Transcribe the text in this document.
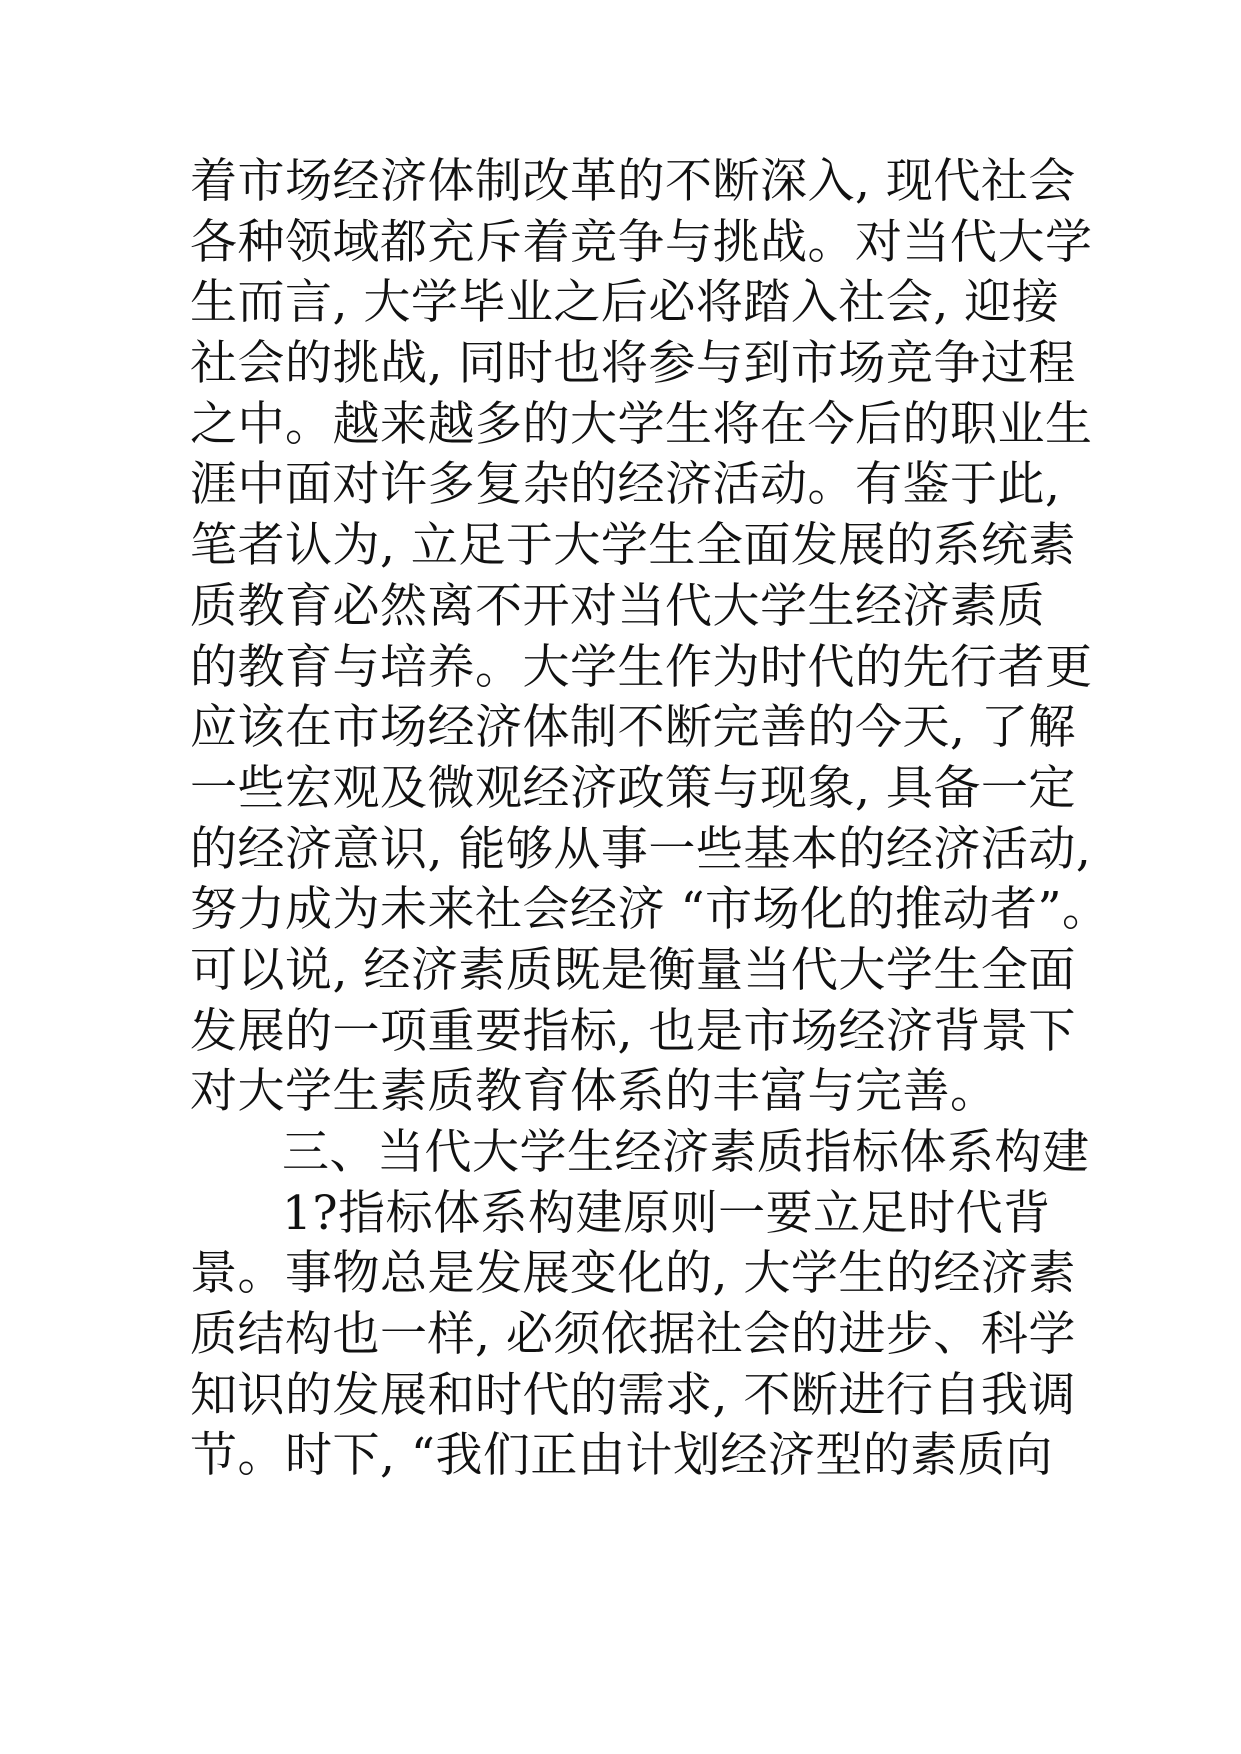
着市场经济体制改革的不断深入, 现代社会
各种领域都充斥着竞争与挑战。对当代大学
生而言, 大学毕业之后必将踏入社会, 迎接
社会的挑战, 同时也将参与到市场竞争过程
之中。越来越多的大学生将在今后的职业生
涯中面对许多复杂的经济活动。有鉴于此,
笔者认为, 立足于大学生全面发展的系统素
质教育必然离不开对当代大学生经济素质
的教育与培养。大学生作为时代的先行者更
应该在市场经济体制不断完善的今天, 了解
一些宏观及微观经济政策与现象, 具备一定
的经济意识, 能够从事一些基本的经济活动,
努力成为未来社会经济 “市场化的推动者”。
可以说, 经济素质既是衡量当代大学生全面
发展的一项重要指标, 也是市场经济背景下
对大学生素质教育体系的丰富与完善。
三、当代大学生经济素质指标体系构建
1?指标体系构建原则一要立足时代背
景。事物总是发展变化的, 大学生的经济素
质结构也一样, 必须依据社会的进步、科学
知识的发展和时代的需求, 不断进行自我调
节。时下, “我们正由计划经济型的素质向
